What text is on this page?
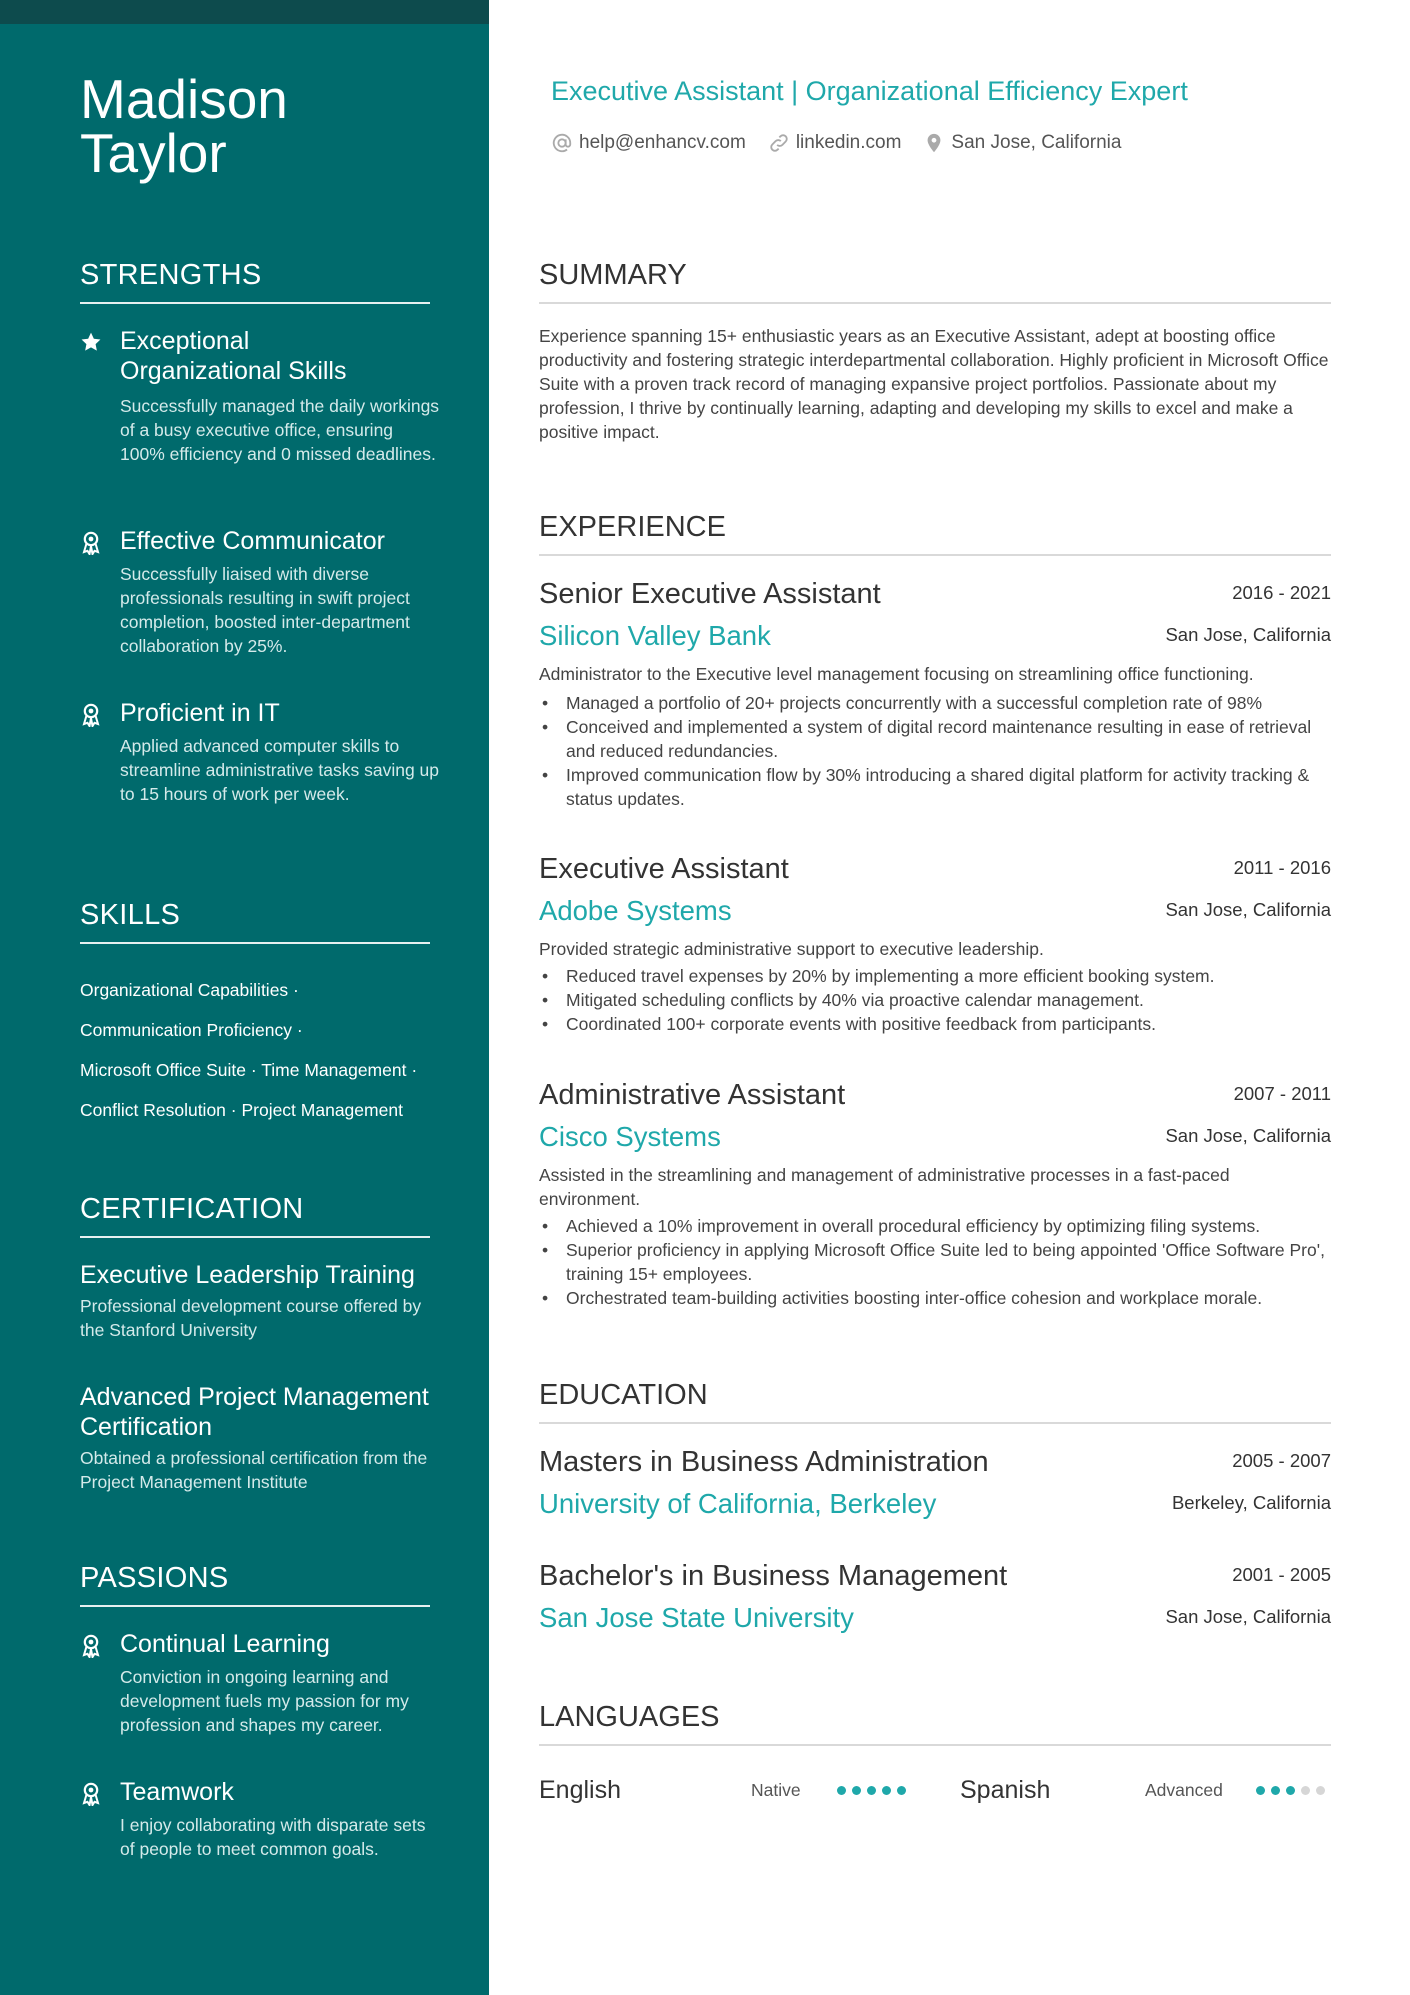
Madison
Taylor
STRENGTHS
Exceptional
Organizational Skills
Successfully managed the daily workings of a busy executive office, ensuring 100% efficiency and 0 missed deadlines.
Effective Communicator
Successfully liaised with diverse professionals resulting in swift project completion, boosted inter-department collaboration by 25%.
Proficient in IT
Applied advanced computer skills to streamline administrative tasks saving up to 15 hours of work per week.
SKILLS
Organizational Capabilities ·
Communication Proficiency ·
Microsoft Office Suite · Time Management ·
Conflict Resolution · Project Management
CERTIFICATION
Executive Leadership Training
Professional development course offered by the Stanford University
Advanced Project Management Certification
Obtained a professional certification from the Project Management Institute
PASSIONS
Continual Learning
Conviction in ongoing learning and development fuels my passion for my profession and shapes my career.
Teamwork
I enjoy collaborating with disparate sets of people to meet common goals.
Executive Assistant | Organizational Efficiency Expert
help@enhancv.com	linkedin.com	San Jose, California
SUMMARY

Experience spanning 15+ enthusiastic years as an Executive Assistant, adept at boosting office productivity and fostering strategic interdepartmental collaboration. Highly proficient in Microsoft Office Suite with a proven track record of managing expansive project portfolios. Passionate about my profession, I thrive by continually learning, adapting and developing my skills to excel and make a positive impact.

EXPERIENCE
Senior Executive Assistant	2016 - 2021
Silicon Valley Bank	San Jose, California
Administrator to the Executive level management focusing on streamlining office functioning.
• Managed a portfolio of 20+ projects concurrently with a successful completion rate of 98%
• Conceived and implemented a system of digital record maintenance resulting in ease of retrieval and reduced redundancies.
• Improved communication flow by 30% introducing a shared digital platform for activity tracking & status updates.
Executive Assistant	2011 - 2016
Adobe Systems	San Jose, California
Provided strategic administrative support to executive leadership.
• Reduced travel expenses by 20% by implementing a more efficient booking system.
• Mitigated scheduling conflicts by 40% via proactive calendar management.
• Coordinated 100+ corporate events with positive feedback from participants.
Administrative Assistant	2007 - 2011
Cisco Systems	San Jose, California
Assisted in the streamlining and management of administrative processes in a fast-paced environment.
• Achieved a 10% improvement in overall procedural efficiency by optimizing filing systems.
• Superior proficiency in applying Microsoft Office Suite led to being appointed 'Office Software Pro', training 15+ employees.
• Orchestrated team-building activities boosting inter-office cohesion and workplace morale.
EDUCATION
Masters in Business Administration	2005 - 2007
University of California, Berkeley	Berkeley, California
Bachelor's in Business Management	2001 - 2005
San Jose State University	San Jose, California
LANGUAGES
English	Native	Spanish	Advanced
